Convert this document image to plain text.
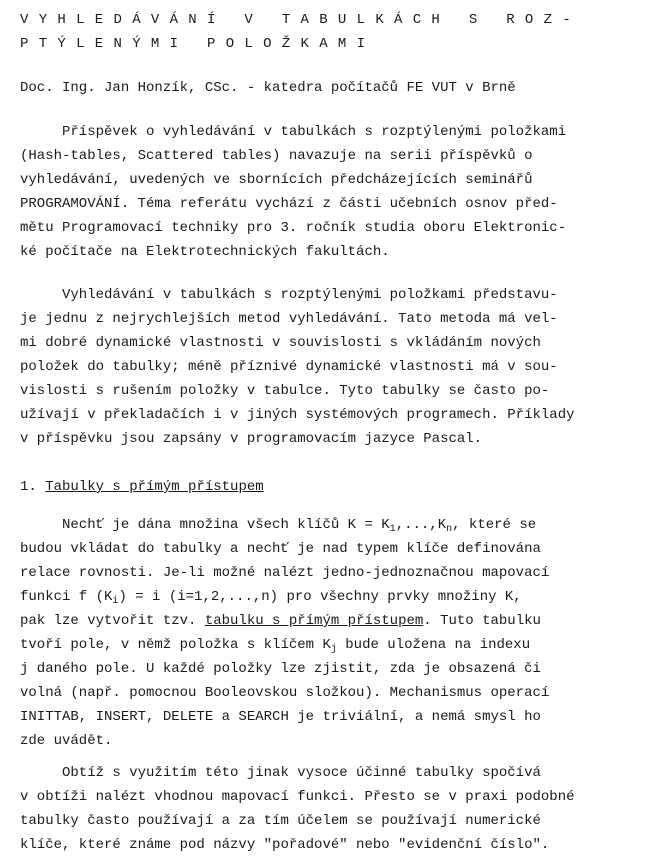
VYHLEDÁVÁNÍ V TABULKÁCH S ROZ-
PTÝLENÝMI POLOŽKAMI
Doc. Ing. Jan Honzík, CSc. - katedra počítačů FE VUT v Brně
Příspěvek o vyhledávání v tabulkách s rozptýlenými položkami
(Hash-tables, Scattered tables) navazuje na serii příspěvků o
vyhledávání, uvedených ve sbornících předcházejících seminářů
PROGRAMOVÁNÍ. Téma referátu vychází z části učebních osnov před-
mětu Programovací techniky pro 3. ročník studia oboru Elektronic-
ké počítače na Elektrotechnických fakultách.
Vyhledávání v tabulkách s rozptýlenými položkami představu-
je jednu z nejrychlejších metod vyhledávání. Tato metoda má vel-
mi dobré dynamické vlastnosti v souvislosti s vkládáním nových
položek do tabulky; méně příznivé dynamické vlastnosti má v sou-
vislosti s rušením položky v tabulce. Tyto tabulky se často po-
užívají v překladačích i v jiných systémových programech. Příklady
v příspěvku jsou zapsány v programovacím jazyce Pascal.
1. Tabulky s přímým přístupem
Nechť je dána množina všech klíčů $K = K_1,...,K_n$, které se
budou vkládat do tabulky a nechť je nad typem klíče definována
relace rovnosti. Je-li možné nalézt jedno-jednoznačnou mapovací
funkci f $(K_i) = i$ (i=1,2,...,n) pro všechny prvky množiny K,
pak lze vytvořit tzv. tabulku s přímým přístupem. Tuto tabulku
tvoří pole, v němž položka s klíčem $K_j$ bude uložena na indexu
j daného pole. U každé položky lze zjistit, zda je obsazená či
volná (např. pomocnou Booleovskou složkou). Mechanismus operací
INITTAB, INSERT, DELETE a SEARCH je triviální, a nemá smysl ho
zde uvádět.
Obtíž s využitím této jinak vysoce účinné tabulky spočívá
v obtíži nalézt vhodnou mapovací funkci. Přesto se v praxi podobné
tabulky často používají a za tím účelem se používají numerické
klíče, které známe pod názvy "pořadové" nebo "evidenční číslo".
